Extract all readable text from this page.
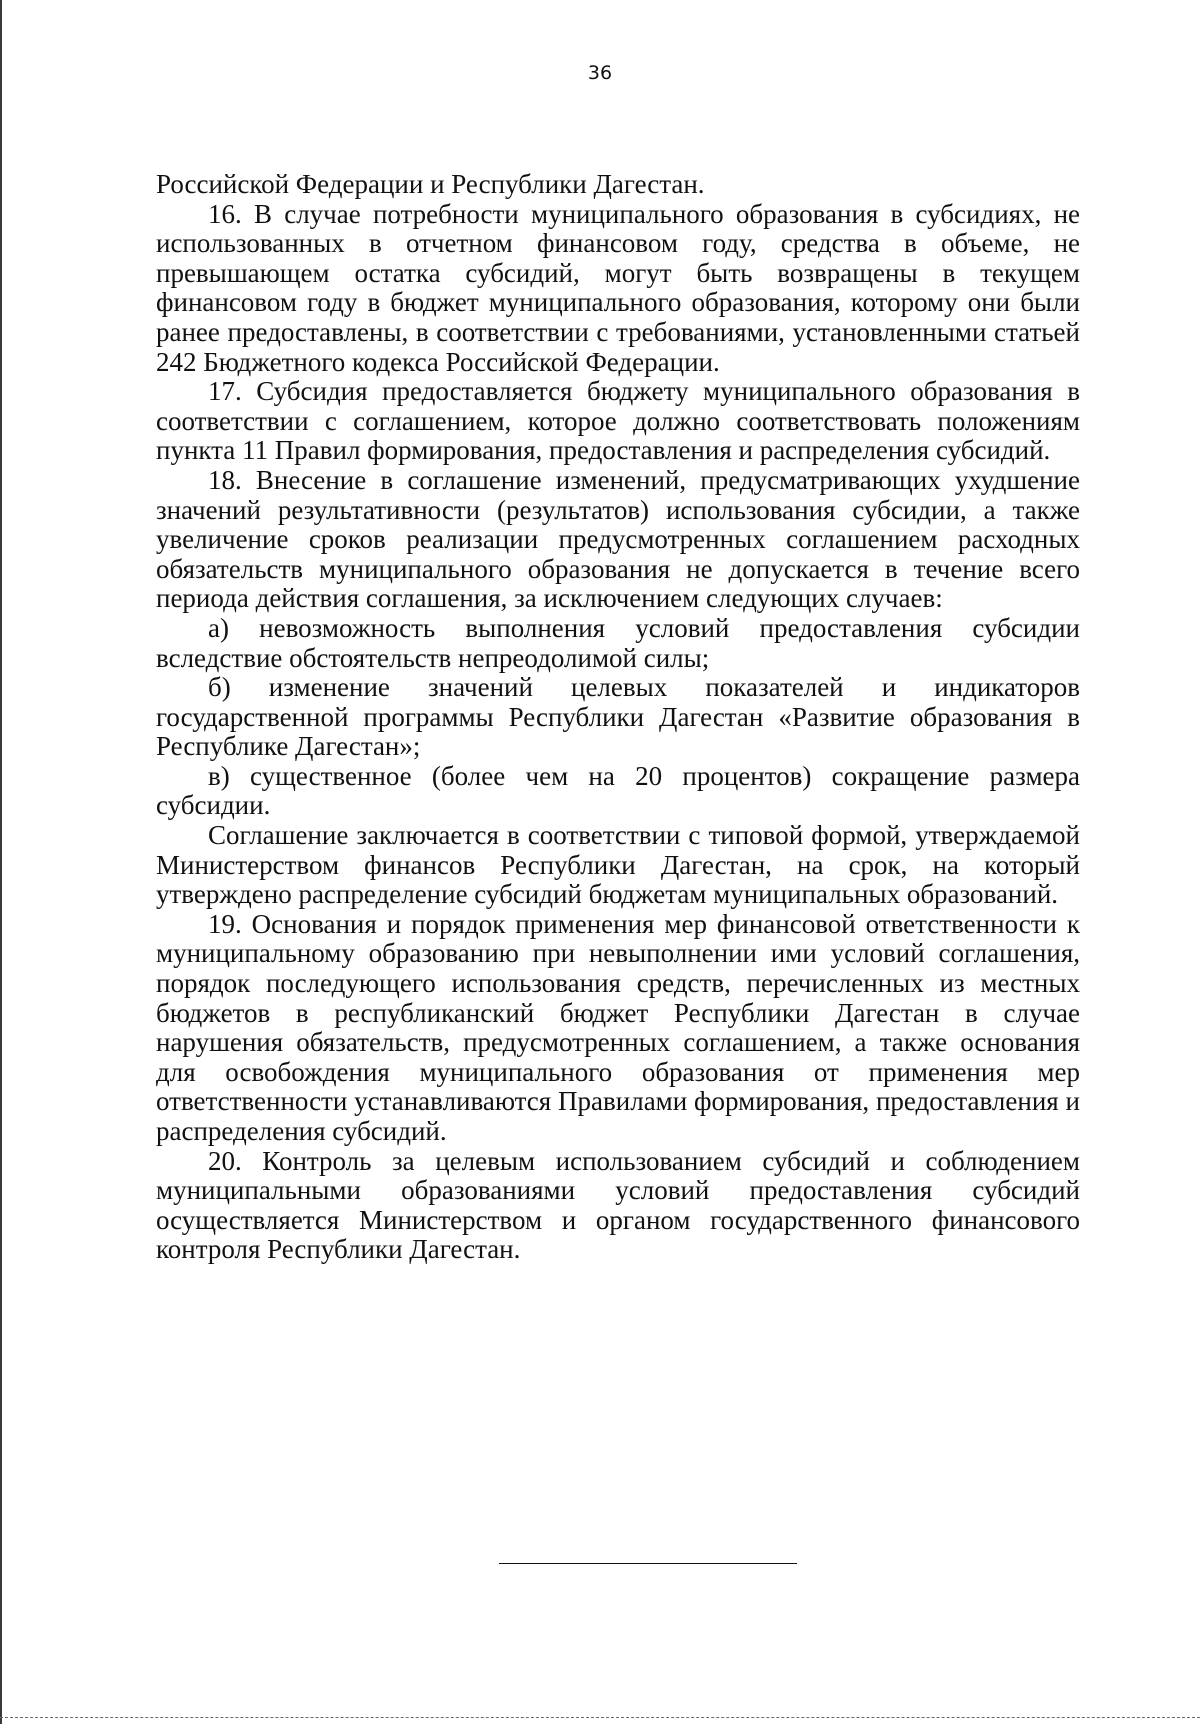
36

Российской Федерации и Республики Дагестан.

16. В случае потребности муниципального образования в субсидиях, не использованных в отчетном финансовом году, средства в объеме, не превышающем остатка субсидий, могут быть возвращены в текущем финансовом году в бюджет муниципального образования, которому они были ранее предоставлены, в соответствии с требованиями, установленными статьей 242 Бюджетного кодекса Российской Федерации.

17. Субсидия предоставляется бюджету муниципального образования в соответствии с соглашением, которое должно соответствовать положениям пункта 11 Правил формирования, предоставления и распределения субсидий.

18. Внесение в соглашение изменений, предусматривающих ухудшение значений результативности (результатов) использования субсидии, а также увеличение сроков реализации предусмотренных соглашением расходных обязательств муниципального образования не допускается в течение всего периода действия соглашения, за исключением следующих случаев:

а) невозможность выполнения условий предоставления субсидии вследствие обстоятельств непреодолимой силы;

б) изменение значений целевых показателей и индикаторов государственной программы Республики Дагестан «Развитие образования в Республике Дагестан»;

в) существенное (более чем на 20 процентов) сокращение размера субсидии.

Соглашение заключается в соответствии с типовой формой, утверждаемой Министерством финансов Республики Дагестан, на срок, на который утверждено распределение субсидий бюджетам муниципальных образований.

19. Основания и порядок применения мер финансовой ответственности к муниципальному образованию при невыполнении ими условий соглашения, порядок последующего использования средств, перечисленных из местных бюджетов в республиканский бюджет Республики Дагестан в случае нарушения обязательств, предусмотренных соглашением, а также основания для освобождения муниципального образования от применения мер ответственности устанавливаются Правилами формирования, предоставления и распределения субсидий.

20. Контроль за целевым использованием субсидий и соблюдением муниципальными образованиями условий предоставления субсидий осуществляется Министерством и органом государственного финансового контроля Республики Дагестан.
